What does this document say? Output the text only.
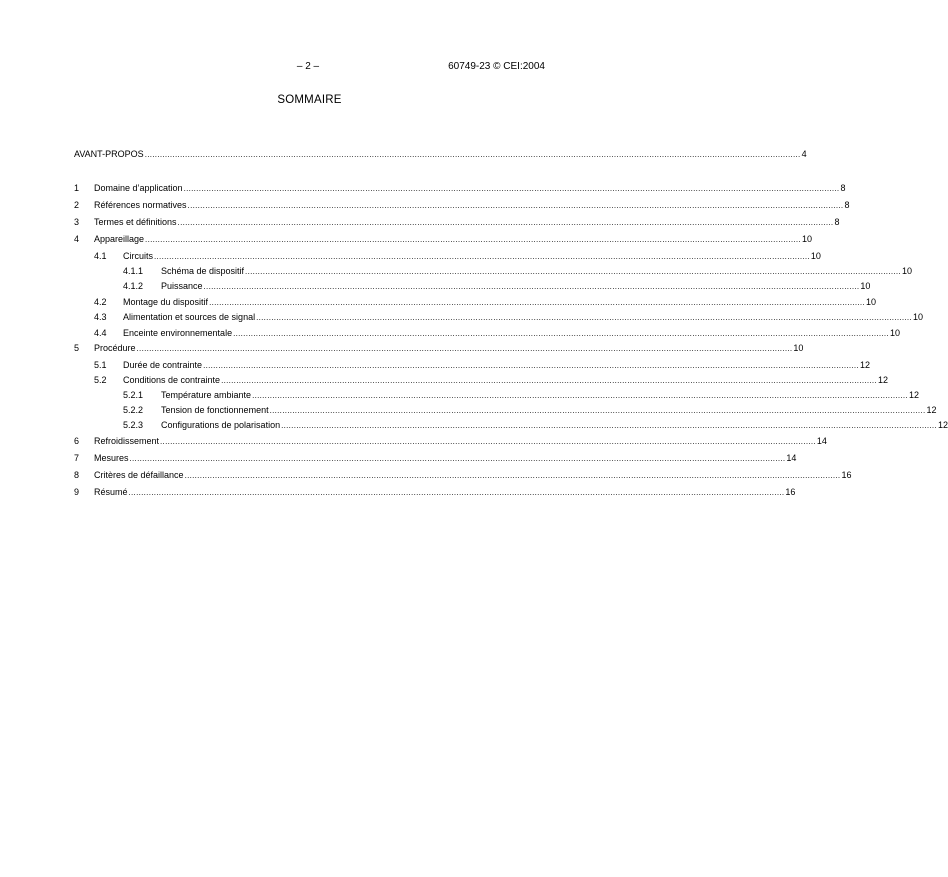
– 2 –	60749-23 © CEI:2004
SOMMAIRE
AVANT-PROPOS .................................................................................................................................................................................................................................................................... 4
1 Domaine d’application .................................................................................................................................................................................................................................................................... 8
2 Références normatives .................................................................................................................................................................................................................................................................... 8
3 Termes et définitions .................................................................................................................................................................................................................................................................... 8
4 Appareillage .................................................................................................................................................................................................................................................................... 10
4.1 Circuits .................................................................................................................................................................................................................................................................... 10
4.1.1 Schéma de dispositif .................................................................................................................................................................................................................................................................... 10
4.1.2 Puissance .................................................................................................................................................................................................................................................................... 10
4.2 Montage du dispositif .................................................................................................................................................................................................................................................................... 10
4.3 Alimentation et sources de signal .................................................................................................................................................................................................................................................................... 10
4.4 Enceinte environnementale .................................................................................................................................................................................................................................................................... 10
5 Procédure .................................................................................................................................................................................................................................................................... 10
5.1 Durée de contrainte .................................................................................................................................................................................................................................................................... 12
5.2 Conditions de contrainte .................................................................................................................................................................................................................................................................... 12
5.2.1 Température ambiante .................................................................................................................................................................................................................................................................... 12
5.2.2 Tension de fonctionnement .................................................................................................................................................................................................................................................................... 12
5.2.3 Configurations de polarisation .................................................................................................................................................................................................................................................................... 12
6 Refroidissement .................................................................................................................................................................................................................................................................... 14
7 Mesures .................................................................................................................................................................................................................................................................... 14
8 Critères de défaillance .................................................................................................................................................................................................................................................................... 16
9 Résumé .................................................................................................................................................................................................................................................................... 16
